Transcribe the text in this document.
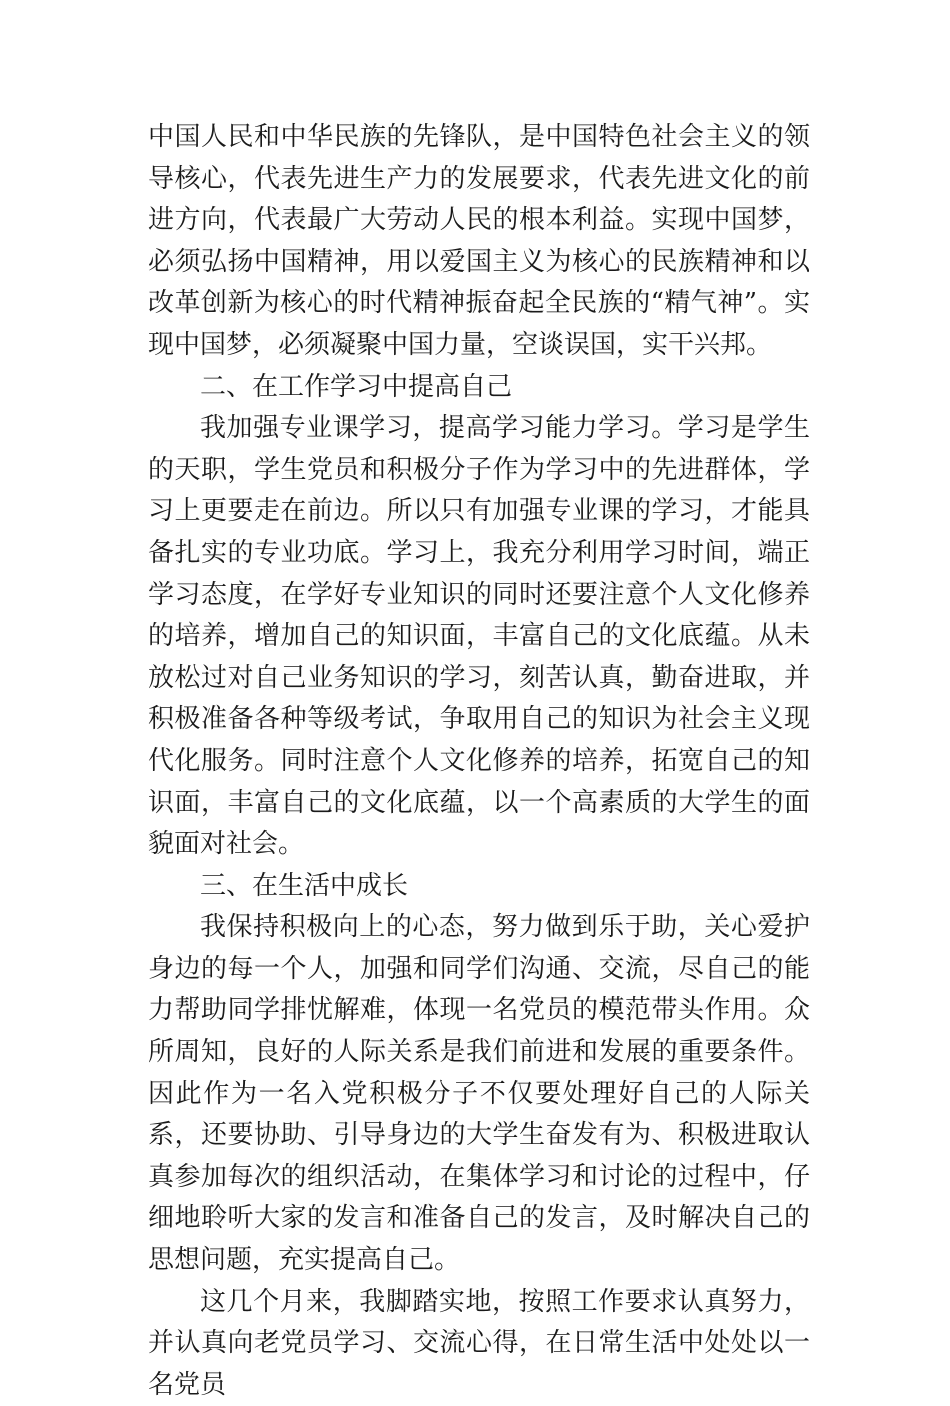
中国人民和中华民族的先锋队，是中国特色社会主义的领导核心，代表先进生产力的发展要求，代表先进文化的前进方向，代表最广大劳动人民的根本利益。实现中国梦，必须弘扬中国精神，用以爱国主义为核心的民族精神和以改革创新为核心的时代精神振奋起全民族的“精气神”。实现中国梦，必须凝聚中国力量，空谈误国，实干兴邦。

二、在工作学习中提高自己

我加强专业课学习，提高学习能力学习。学习是学生的天职，学生党员和积极分子作为学习中的先进群体，学习上更要走在前边。所以只有加强专业课的学习，才能具备扎实的专业功底。学习上，我充分利用学习时间，端正学习态度，在学好专业知识的同时还要注意个人文化修养的培养，增加自己的知识面，丰富自己的文化底蕴。从未放松过对自己业务知识的学习，刻苦认真，勤奋进取，并积极准备各种等级考试，争取用自己的知识为社会主义现代化服务。同时注意个人文化修养的培养，拓宽自己的知识面，丰富自己的文化底蕴，以一个高素质的大学生的面貌面对社会。

三、在生活中成长

我保持积极向上的心态，努力做到乐于助，关心爱护身边的每一个人，加强和同学们沟通、交流，尽自己的能力帮助同学排忧解难，体现一名党员的模范带头作用。众所周知，良好的人际关系是我们前进和发展的重要条件。因此作为一名入党积极分子不仅要处理好自己的人际关系，还要协助、引导身边的大学生奋发有为、积极进取认真参加每次的组织活动，在集体学习和讨论的过程中，仔细地聆听大家的发言和准备自己的发言，及时解决自己的思想问题，充实提高自己。

这几个月来，我脚踏实地，按照工作要求认真努力，并认真向老党员学习、交流心得，在日常生活中处处以一名党员
